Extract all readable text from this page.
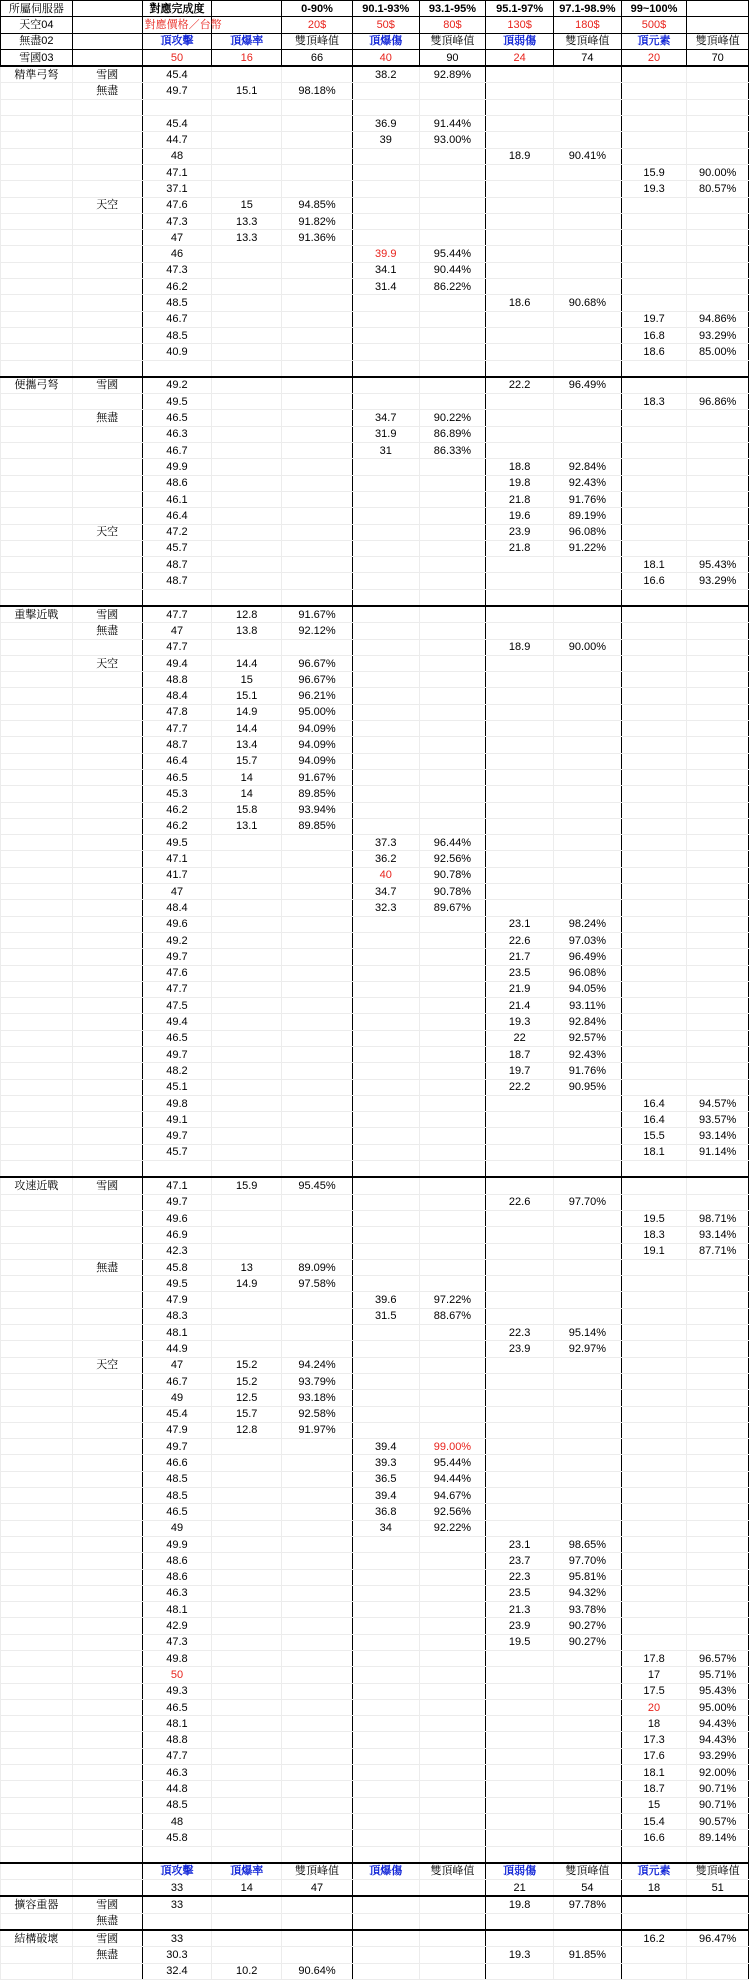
所屬伺服器		對應完成度		0-90%	90.1-93%	93.1-95%	95.1-97%	97.1-98.9%	99~100%	
天空04		對應價格／台幣		20$	50$	80$	130$	180$	500$	
無盡02		頂攻擊	頂爆率	雙頂峰值	頂爆傷	雙頂峰值	頂弱傷	雙頂峰值	頂元素	雙頂峰值
雪國03		50	16	66	40	90	24	74	20	70
精準弓弩	雪國	45.4			38.2	92.89%				
	無盡	49.7	15.1	98.18%						

		45.4			36.9	91.44%				
		44.7			39	93.00%				
		48					18.9	90.41%		
		47.1							15.9	90.00%
		37.1							19.3	80.57%
	天空	47.6	15	94.85%						
		47.3	13.3	91.82%						
		47	13.3	91.36%						
		46			39.9	95.44%				
		47.3			34.1	90.44%				
		46.2			31.4	86.22%				
		48.5					18.6	90.68%		
		46.7							19.7	94.86%
		48.5							16.8	93.29%
		40.9							18.6	85.00%

便攜弓弩	雪國	49.2					22.2	96.49%		
		49.5							18.3	96.86%
	無盡	46.5			34.7	90.22%				
		46.3			31.9	86.89%				
		46.7			31	86.33%				
		49.9					18.8	92.84%		
		48.6					19.8	92.43%		
		46.1					21.8	91.76%		
		46.4					19.6	89.19%		
	天空	47.2					23.9	96.08%		
		45.7					21.8	91.22%		
		48.7							18.1	95.43%
		48.7							16.6	93.29%

重擊近戰	雪國	47.7	12.8	91.67%						
	無盡	47	13.8	92.12%						
		47.7					18.9	90.00%		
	天空	49.4	14.4	96.67%						
		48.8	15	96.67%						
		48.4	15.1	96.21%						
		47.8	14.9	95.00%						
		47.7	14.4	94.09%						
		48.7	13.4	94.09%						
		46.4	15.7	94.09%						
		46.5	14	91.67%						
		45.3	14	89.85%						
		46.2	15.8	93.94%						
		46.2	13.1	89.85%						
		49.5			37.3	96.44%				
		47.1			36.2	92.56%				
		41.7			40	90.78%				
		47			34.7	90.78%				
		48.4			32.3	89.67%				
		49.6					23.1	98.24%		
		49.2					22.6	97.03%		
		49.7					21.7	96.49%		
		47.6					23.5	96.08%		
		47.7					21.9	94.05%		
		47.5					21.4	93.11%		
		49.4					19.3	92.84%		
		46.5					22	92.57%		
		49.7					18.7	92.43%		
		48.2					19.7	91.76%		
		45.1					22.2	90.95%		
		49.8							16.4	94.57%
		49.1							16.4	93.57%
		49.7							15.5	93.14%
		45.7							18.1	91.14%

攻速近戰	雪國	47.1	15.9	95.45%						
		49.7					22.6	97.70%		
		49.6							19.5	98.71%
		46.9							18.3	93.14%
		42.3							19.1	87.71%
	無盡	45.8	13	89.09%						
		49.5	14.9	97.58%						
		47.9			39.6	97.22%				
		48.3			31.5	88.67%				
		48.1					22.3	95.14%		
		44.9					23.9	92.97%		
	天空	47	15.2	94.24%						
		46.7	15.2	93.79%						
		49	12.5	93.18%						
		45.4	15.7	92.58%						
		47.9	12.8	91.97%						
		49.7			39.4	99.00%				
		46.6			39.3	95.44%				
		48.5			36.5	94.44%				
		48.5			39.4	94.67%				
		46.5			36.8	92.56%				
		49			34	92.22%				
		49.9					23.1	98.65%		
		48.6					23.7	97.70%		
		48.6					22.3	95.81%		
		46.3					23.5	94.32%		
		48.1					21.3	93.78%		
		42.9					23.9	90.27%		
		47.3					19.5	90.27%		
		49.8							17.8	96.57%
		50							17	95.71%
		49.3							17.5	95.43%
		46.5							20	95.00%
		48.1							18	94.43%
		48.8							17.3	94.43%
		47.7							17.6	93.29%
		46.3							18.1	92.00%
		44.8							18.7	90.71%
		48.5							15	90.71%
		48							15.4	90.57%
		45.8							16.6	89.14%

		頂攻擊	頂爆率	雙頂峰值	頂爆傷	雙頂峰值	頂弱傷	雙頂峰值	頂元素	雙頂峰值
		33	14	47			21	54	18	51
擴容重器	雪國	33					19.8	97.78%		
	無盡									
結構破壞	雪國	33							16.2	96.47%
	無盡	30.3					19.3	91.85%		
		32.4	10.2	90.64%						
